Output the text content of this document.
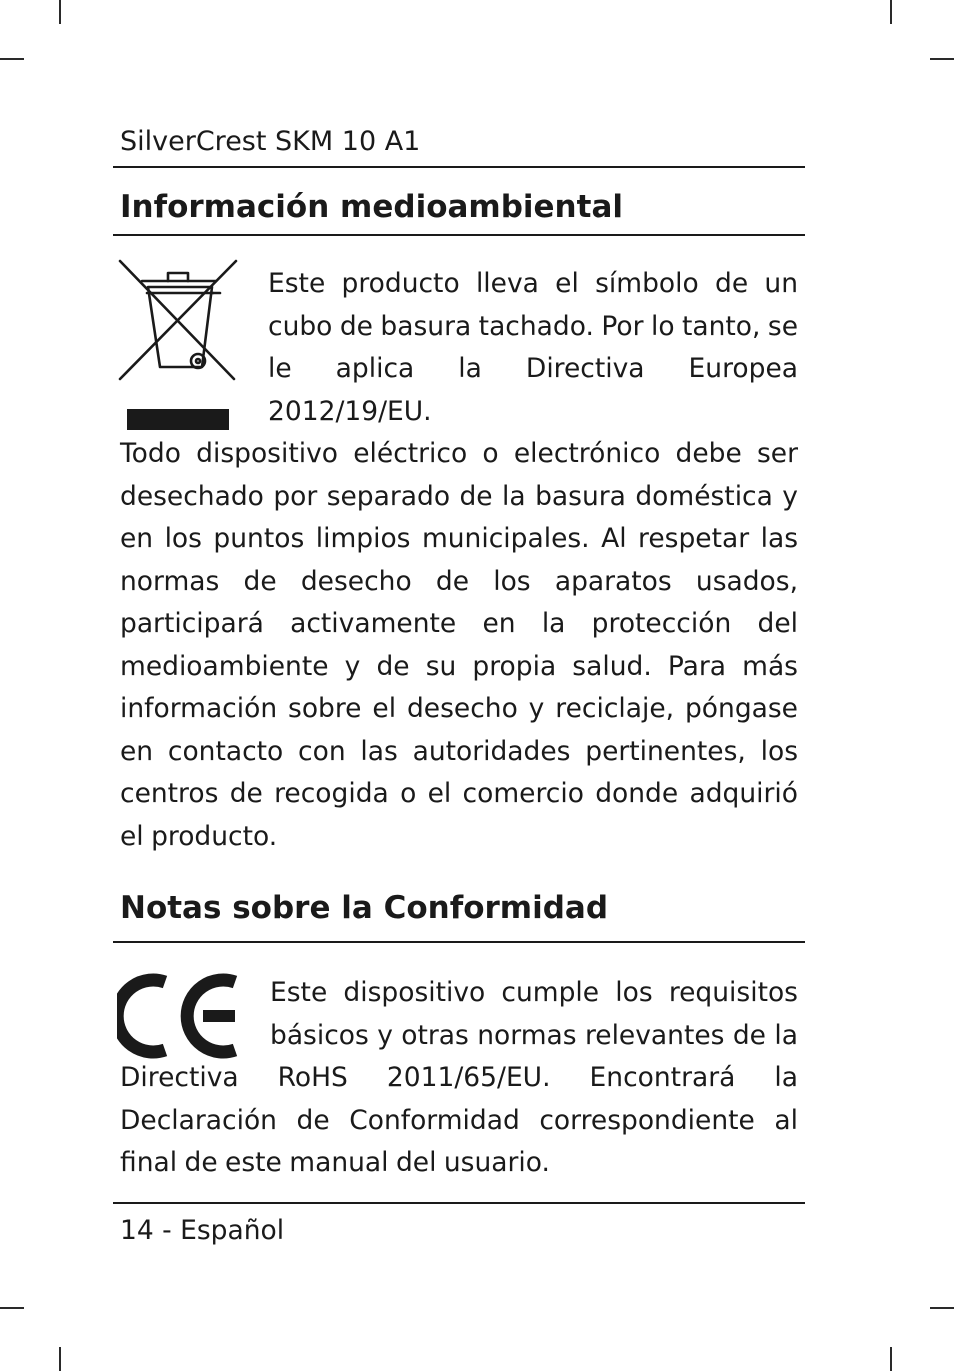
SilverCrest SKM 10 A1
Información medioambiental

Este producto lleva el símbolo de un cubo de basura tachado. Por lo tanto, se le aplica la Directiva Europea 2012/19/EU.

Todo dispositivo eléctrico o electrónico debe ser desechado por separado de la basura doméstica y en los puntos limpios municipales. Al respetar las normas de desecho de los aparatos usados, participará activamente en la protección del medioambiente y de su propia salud. Para más información sobre el desecho y reciclaje, póngase en contacto con las autoridades pertinentes, los centros de recogida o el comercio donde adquirió el producto.

Notas sobre la Conformidad

Este dispositivo cumple los requisitos básicos y otras normas relevantes de la

Directiva RoHS 2011/65/EU. Encontrará la Declaración de Conformidad correspondiente al final de este manual del usuario.

14 - Español
